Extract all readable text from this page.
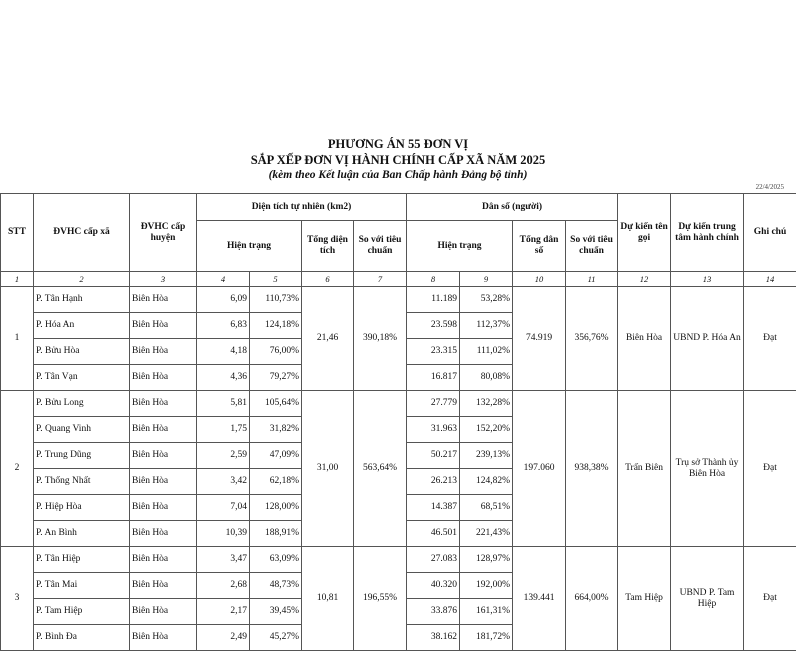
PHƯƠNG ÁN 55 ĐƠN VỊ
SẮP XẾP ĐƠN VỊ HÀNH CHÍNH CẤP XÃ NĂM 2025
(kèm theo Kết luận của Ban Chấp hành Đảng bộ tỉnh)
22/4/2025
STT	ĐVHC cấp xã	ĐVHC cấp huyện	Diện tích tự nhiên (km2)				Dân số (người)				Dự kiến tên gọi	Dự kiến trung tâm hành chính	Ghi chú
			Hiện trạng		Tổng diện tích	So với tiêu chuẩn	Hiện trạng		Tổng dân số	So với tiêu chuẩn			
1	2	3	4	5	6	7	8	9	10	11	12	13	14
1	P. Tân Hạnh	Biên Hòa	6,09	110,73%	21,46	390,18%	11.189	53,28%	74.919	356,76%	Biên Hòa	UBND P. Hóa An	Đạt
	P. Hóa An	Biên Hòa	6,83	124,18%			23.598	112,37%					
	P. Bửu Hòa	Biên Hòa	4,18	76,00%			23.315	111,02%					
	P. Tân Vạn	Biên Hòa	4,36	79,27%			16.817	80,08%					
2	P. Bửu Long	Biên Hòa	5,81	105,64%	31,00	563,64%	27.779	132,28%	197.060	938,38%	Trấn Biên	Trụ sở Thành ủy Biên Hòa	Đạt
	P. Quang Vinh	Biên Hòa	1,75	31,82%			31.963	152,20%					
	P. Trung Dũng	Biên Hòa	2,59	47,09%			50.217	239,13%					
	P. Thống Nhất	Biên Hòa	3,42	62,18%			26.213	124,82%					
	P. Hiệp Hòa	Biên Hòa	7,04	128,00%			14.387	68,51%					
	P. An Bình	Biên Hòa	10,39	188,91%			46.501	221,43%					
3	P. Tân Hiệp	Biên Hòa	3,47	63,09%	10,81	196,55%	27.083	128,97%	139.441	664,00%	Tam Hiệp	UBND P. Tam Hiệp	Đạt
	P. Tân Mai	Biên Hòa	2,68	48,73%			40.320	192,00%					
	P. Tam Hiệp	Biên Hòa	2,17	39,45%			33.876	161,31%					
	P. Bình Đa	Biên Hòa	2,49	45,27%			38.162	181,72%					
